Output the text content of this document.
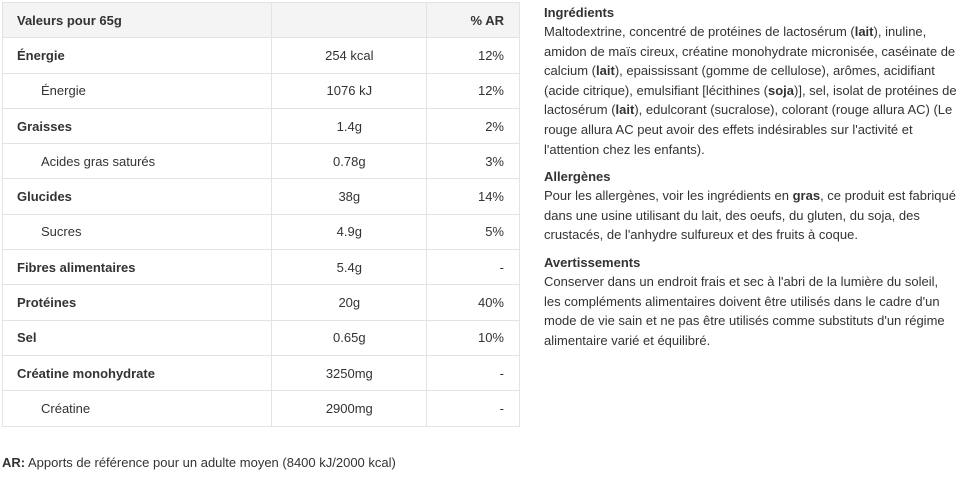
Valeurs pour 65g		% AR
Énergie	254 kcal	12%
Énergie	1076 kJ	12%
Graisses	1.4g	2%
Acides gras saturés	0.78g	3%
Glucides	38g	14%
Sucres	4.9g	5%
Fibres alimentaires	5.4g	-
Protéines	20g	40%
Sel	0.65g	10%
Créatine monohydrate	3250mg	-
Créatine	2900mg	-
AR: Apports de référence pour un adulte moyen (8400 kJ/2000 kcal)
Ingrédients

Maltodextrine, concentré de protéines de lactosérum (lait), inuline, amidon de maïs cireux, créatine monohydrate micronisée, caséinate de calcium (lait), epaississant (gomme de cellulose), arômes, acidifiant (acide citrique), emulsifiant [lécithines (soja)], sel, isolat de protéines de lactosérum (lait), edulcorant (sucralose), colorant (rouge allura AC) (Le rouge allura AC peut avoir des effets indésirables sur l'activité et l'attention chez les enfants).

Allergènes

Pour les allergènes, voir les ingrédients en gras, ce produit est fabriqué dans une usine utilisant du lait, des oeufs, du gluten, du soja, des crustacés, de l'anhydre sulfureux et des fruits à coque.

Avertissements

Conserver dans un endroit frais et sec à l'abri de la lumière du soleil, les compléments alimentaires doivent être utilisés dans le cadre d'un mode de vie sain et ne pas être utilisés comme substituts d'un régime alimentaire varié et équilibré.
